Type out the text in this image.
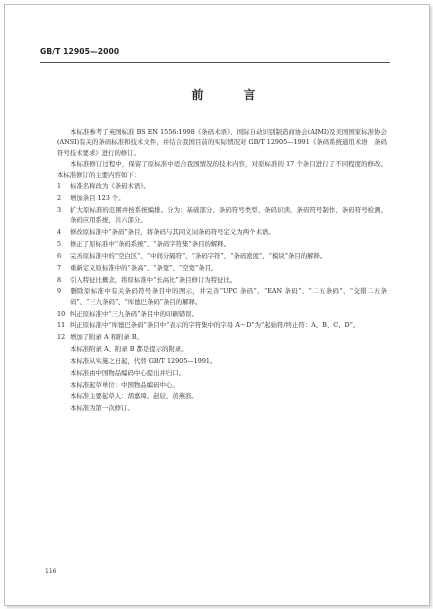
GB/T 12905—2000
前　言

本标准参考了英国标准 BS EN 1556:1998《条码术语》、国际自动识别制造商协会(AIMI)及美国国家标准协会(ANSI)有关的条码标准和技术文件，并结合我国目前的实际情况对 GB/T 12905—1991《条码系统通用术语　条码符号技术要求》进行的修订。

本标准修订过程中，保留了原标准中适合我国情况的技术内容，对原标准的 17 个条目进行了不同程度的修改。本标准修订的主要内容如下：

1 标准名称改为《条码术语》。

2 增加条目 123 个。

3 扩大原标准的范围并按系统编排。分为：基础部分、条码符号类型、条码识读、条码符号制作、条码符号检测、条码应用系统，共六部分。

4 修改原标准中“条码”条目，将条码与其同义词条码符号定义为两个术语。

5 修正了原标准中“条码系统”、“条码字符集”条目的解释。

6 完善原标准中的“空白区”、“中间分隔符”、“条码字符”、“条码密度”、“模块”条目的解释。

7 重新定义原标准中的“条高”、“条宽”、“空宽”条目。

8 引入特征比概念，将原标准中“长高比”条目修订为特征比。

9 删除原标准中有关条码符号条目中的图示，并完善“UPC 条码”、“EAN 条码”、“二五条码”、“交错二五条码”、“三九条码”、“库德巴条码”条目的解释。

10 纠正原标准中“三九条码”条目中的印刷错误。

11 纠正原标准中“库德巴条码”条目中“表示的字符集中的字母 A～D”为“起始符/终止符：A、B、C、D”。

12 增加了附录 A 和附录 B。

本标准附录 A、附录 B 都是提示的附录。

本标准从实施之日起，代替 GB/T 12905—1991。

本标准由中国物品编码中心提出并归口。

本标准起草单位：中国物品编码中心。

本标准主要起草人：胡嘉璋、赵辰、黄燕滨。

本标准为第一次修订。

116
